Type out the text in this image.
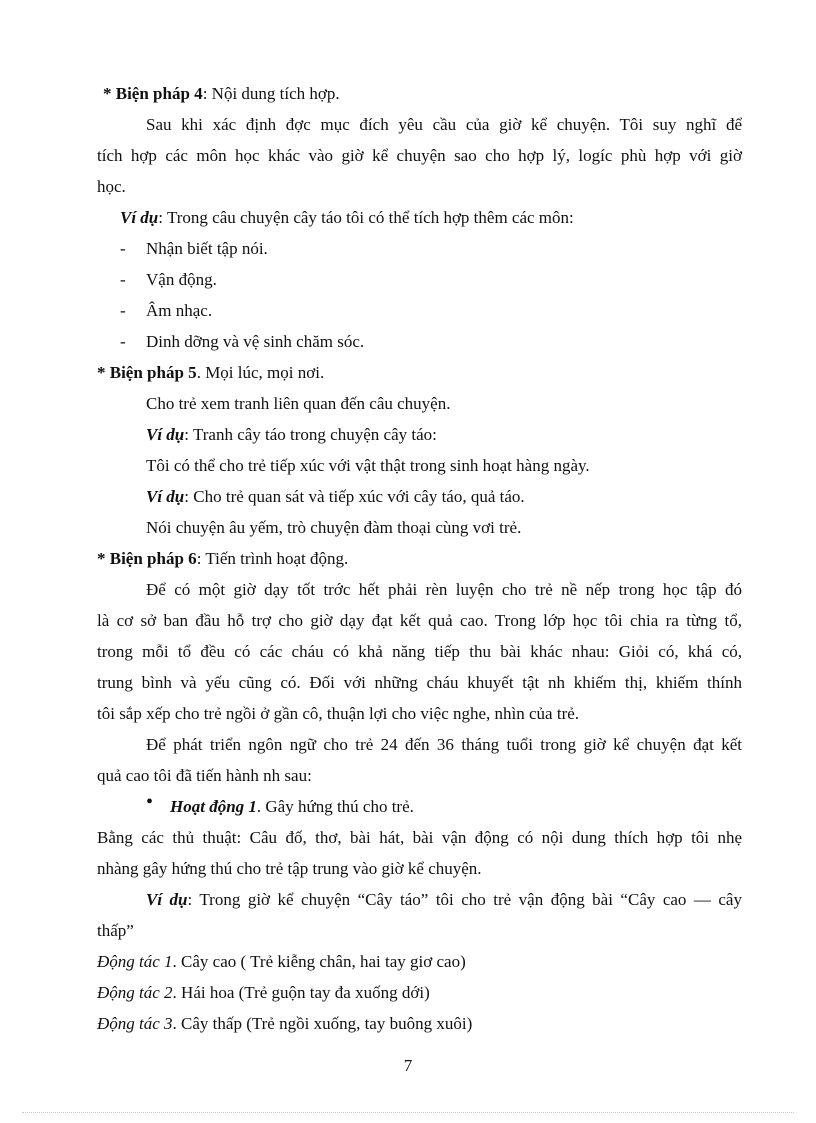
* Biện pháp 4: Nội dung tích hợp.
Sau khi xác định đợc mục đích yêu cầu của giờ kể chuyện. Tôi suy nghĩ để
tích hợp các môn học khác vào giờ kể chuyện sao cho hợp lý, logíc phù hợp với giờ
học.
Ví dụ: Trong câu chuyện cây táo tôi có thể tích hợp thêm các môn:
- Nhận biết tập nói.
- Vận động.
- Âm nhạc.
- Dinh dỡng và vệ sinh chăm sóc.
* Biện pháp 5. Mọi lúc, mọi nơi.
Cho trẻ xem tranh liên quan đến câu chuyện.
Ví dụ: Tranh cây táo trong chuyện cây táo:
Tôi có thể cho trẻ tiếp xúc với vật thật trong sinh hoạt hàng ngày.
Ví dụ: Cho trẻ quan sát và tiếp xúc với cây táo, quả táo.
Nói chuyện âu yếm, trò chuyện đàm thoại cùng vơi trẻ.
* Biện pháp 6: Tiến trình hoạt động.
Để có một giờ dạy tốt trớc hết phải rèn luyện cho trẻ nề nếp trong học tập đó
là cơ sở ban đầu hỗ trợ cho giờ dạy đạt kết quả cao. Trong lớp học tôi chia ra từng tổ,
trong mỗi tổ đều có các cháu có khả năng tiếp thu bài khác nhau: Giỏi có, khá có,
trung bình và yếu cũng có. Đối với những cháu khuyết tật nh khiếm thị, khiếm thính
tôi sắp xếp cho trẻ ngồi ở gần cô, thuận lợi cho việc nghe, nhìn của trẻ.
Để phát triển ngôn ngữ cho trẻ 24 đến 36 tháng tuổi trong giờ kể chuyện đạt kết
quả cao tôi đã tiến hành nh sau:
• Hoạt động 1. Gây hứng thú cho trẻ.
Bằng các thủ thuật: Câu đố, thơ, bài hát, bài vận động có nội dung thích hợp tôi nhẹ
nhàng gây hứng thú cho trẻ tập trung vào giờ kể chuyện.
Ví dụ: Trong giờ kể chuyện “Cây táo” tôi cho trẻ vận động bài “Cây cao — cây
thấp”
Động tác 1. Cây cao ( Trẻ kiễng chân, hai tay giơ cao)
Động tác 2. Hái hoa (Trẻ guộn tay đa xuống dới)
Động tác 3. Cây thấp (Trẻ ngồi xuống, tay buông xuôi)
7
